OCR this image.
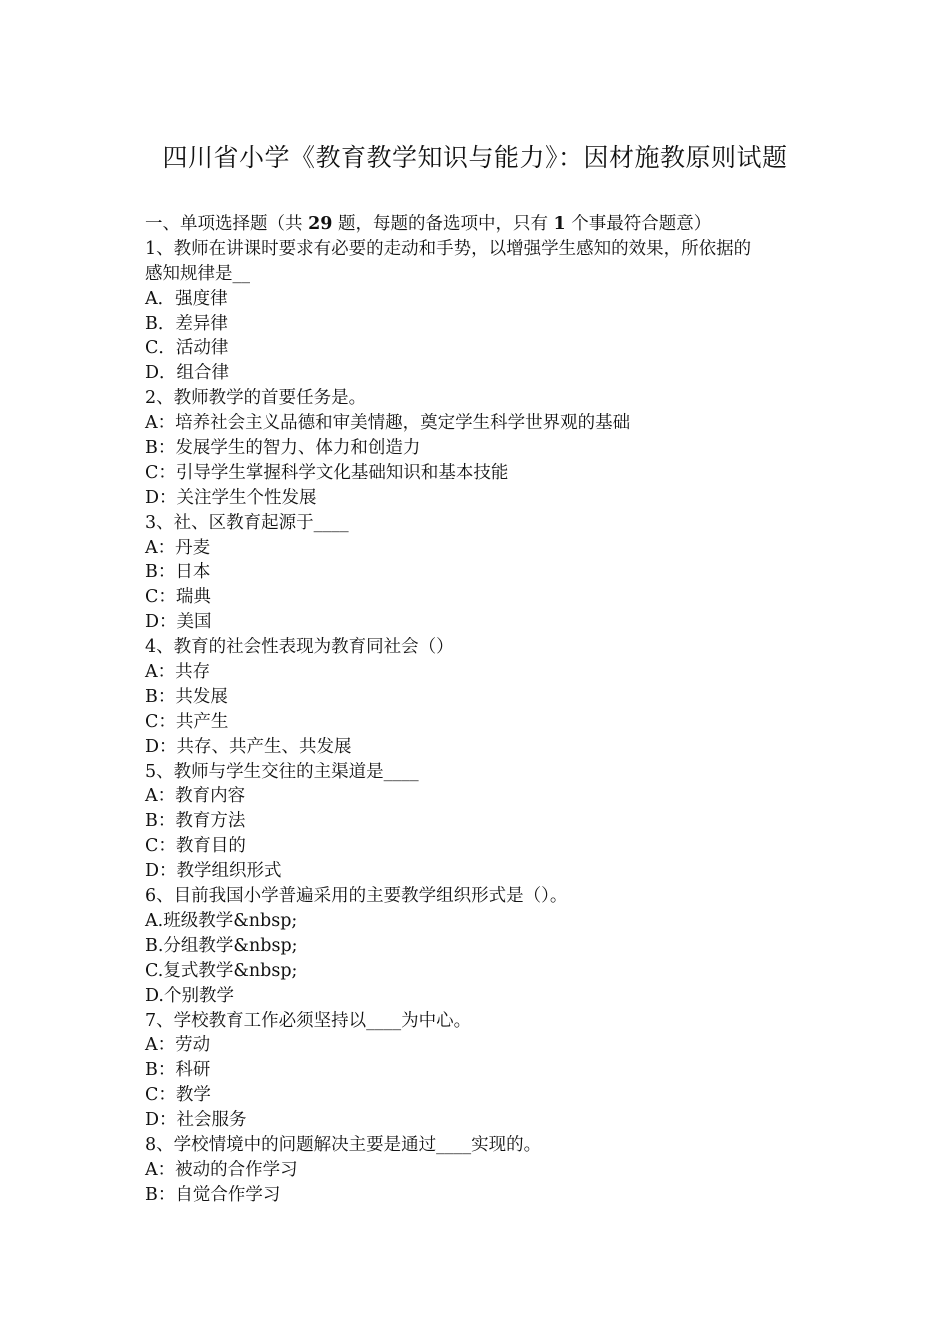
四川省小学《教育教学知识与能力》：因材施教原则试题
一、单项选择题（共 29 题，每题的备选项中，只有 1 个事最符合题意）
1、教师在讲课时要求有必要的走动和手势，以增强学生感知的效果，所依据的
感知规律是__
A．强度律
B．差异律
C．活动律
D．组合律
2、教师教学的首要任务是。
A：培养社会主义品德和审美情趣，奠定学生科学世界观的基础
B：发展学生的智力、体力和创造力
C：引导学生掌握科学文化基础知识和基本技能
D：关注学生个性发展
3、社、区教育起源于____
A：丹麦
B：日本
C：瑞典
D：美国
4、教育的社会性表现为教育同社会（）
A：共存
B：共发展
C：共产生
D：共存、共产生、共发展
5、教师与学生交往的主渠道是____
A：教育内容
B：教育方法
C：教育目的
D：教学组织形式
6、目前我国小学普遍采用的主要教学组织形式是（）。
A.班级教学&nbsp;
B.分组教学&nbsp;
C.复式教学&nbsp;
D.个别教学
7、学校教育工作必须坚持以____为中心。
A：劳动
B：科研
C：教学
D：社会服务
8、学校情境中的问题解决主要是通过____实现的。
A：被动的合作学习
B：自觉合作学习
